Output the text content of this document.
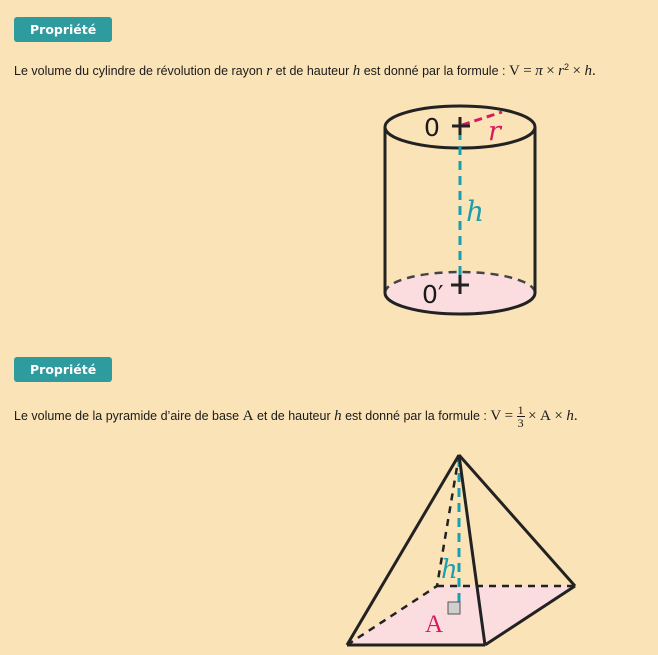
Propriété
Le volume du cylindre de révolution de rayon r et de hauteur h est donné par la formule : $V = \pi \times r^2 \times h$.
0
0′
r
h
Propriété
Le volume de la pyramide d’aire de base A et de hauteur h est donné par la formule : $V = \frac{1}{3} \times A \times h$.
h
A
